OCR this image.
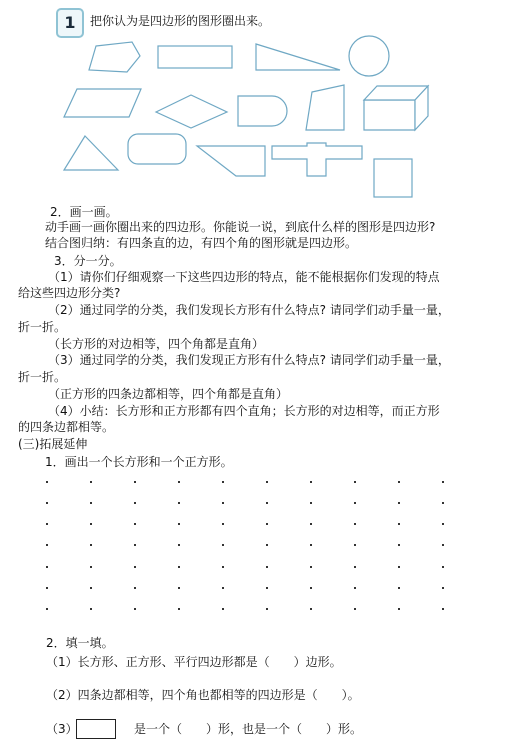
1	把你认为是四边形的图形圈出来。
2．画一画。
动手画一画你圈出来的四边形。你能说一说，到底什么样的图形是四边形?
结合图归纳：有四条直的边，有四个角的图形就是四边形。
3．分一分。
（1）请你们仔细观察一下这些四边形的特点，能不能根据你们发现的特点
给这些四边形分类?
（2）通过同学的分类，我们发现长方形有什么特点? 请同学们动手量一量，
折一折。
（长方形的对边相等，四个角都是直角）
（3）通过同学的分类，我们发现正方形有什么特点? 请同学们动手量一量，
折一折。
（正方形的四条边都相等，四个角都是直角）
（4）小结：长方形和正方形都有四个直角；长方形的对边相等，而正方形
的四条边都相等。
(三)拓展延伸
1．画出一个长方形和一个正方形。
2．填一填。
（1）长方形、正方形、平行四边形都是（　　）边形。
（2）四条边都相等，四个角也都相等的四边形是（　　）。
（3）	是一个（　　）形，也是一个（　　）形。
